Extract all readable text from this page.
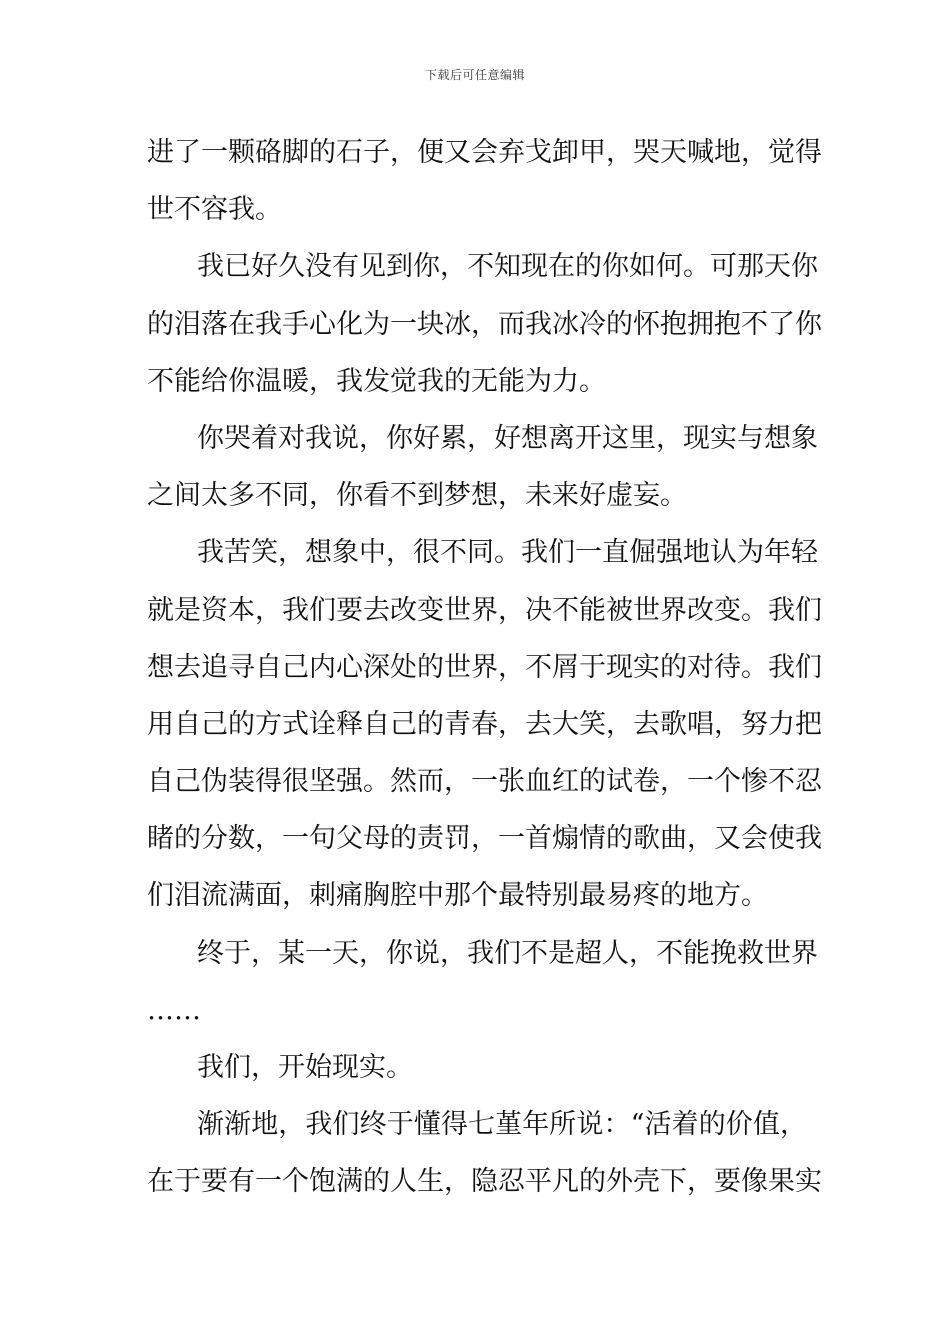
下载后可任意编辑
进了一颗硌脚的石子，便又会弃戈卸甲，哭天喊地，觉得
世不容我。
我已好久没有见到你，不知现在的你如何。可那天你
的泪落在我手心化为一块冰，而我冰冷的怀抱拥抱不了你
不能给你温暖，我发觉我的无能为力。
你哭着对我说，你好累，好想离开这里，现实与想象
之间太多不同，你看不到梦想，未来好虚妄。
我苦笑，想象中，很不同。我们一直倔强地认为年轻
就是资本，我们要去改变世界，决不能被世界改变。我们
想去追寻自己内心深处的世界，不屑于现实的对待。我们
用自己的方式诠释自己的青春，去大笑，去歌唱，努力把
自己伪装得很坚强。然而，一张血红的试卷，一个惨不忍
睹的分数，一句父母的责罚，一首煽情的歌曲，又会使我
们泪流满面，刺痛胸腔中那个最特别最易疼的地方。
终于，某一天，你说，我们不是超人，不能挽救世界
……
我们，开始现实。
渐渐地，我们终于懂得七堇年所说：“活着的价值，
在于要有一个饱满的人生，隐忍平凡的外壳下，要像果实
